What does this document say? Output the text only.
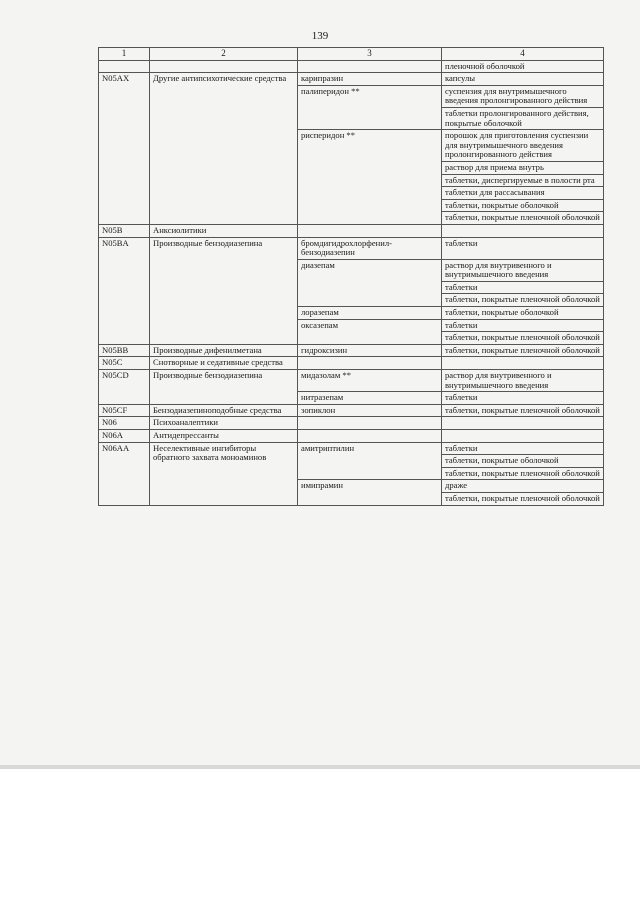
139
1	2	3	4
			пленочной оболочкой
N05AX	Другие антипсихотические средства	карипразин	капсулы
		палиперидон **	суспензия для внутримышечного введения пролонгированного действия
			таблетки пролонгированного действия, покрытые оболочкой
		рисперидон **	порошок для приготовления суспензии для внутримышечного введения пролонгированного действия
			раствор для приема внутрь
			таблетки, диспергируемые в полости рта
			таблетки для рассасывания
			таблетки, покрытые оболочкой
			таблетки, покрытые пленочной оболочкой
N05B	Анксиолитики		
N05BA	Производные бензодиазепина	бромдигидрохлорфенил-бензодиазепин	таблетки
		диазепам	раствор для внутривенного и внутримышечного введения
			таблетки
			таблетки, покрытые пленочной оболочкой
		лоразепам	таблетки, покрытые оболочкой
		оксазепам	таблетки
			таблетки, покрытые пленочной оболочкой
N05BB	Производные дифенилметана	гидроксизин	таблетки, покрытые пленочной оболочкой
N05C	Снотворные и седативные средства		
N05CD	Производные бензодиазепина	мидазолам **	раствор для внутривенного и внутримышечного введения
		нитразепам	таблетки
N05CF	Бензодиазепиноподобные средства	зопиклон	таблетки, покрытые пленочной оболочкой
N06	Психоаналептики		
N06A	Антидепрессанты		
N06AA	Неселективные ингибиторы обратного захвата моноаминов	амитриптилин	таблетки
			таблетки, покрытые оболочкой
			таблетки, покрытые пленочной оболочкой
		имипрамин	драже
			таблетки, покрытые пленочной оболочкой
